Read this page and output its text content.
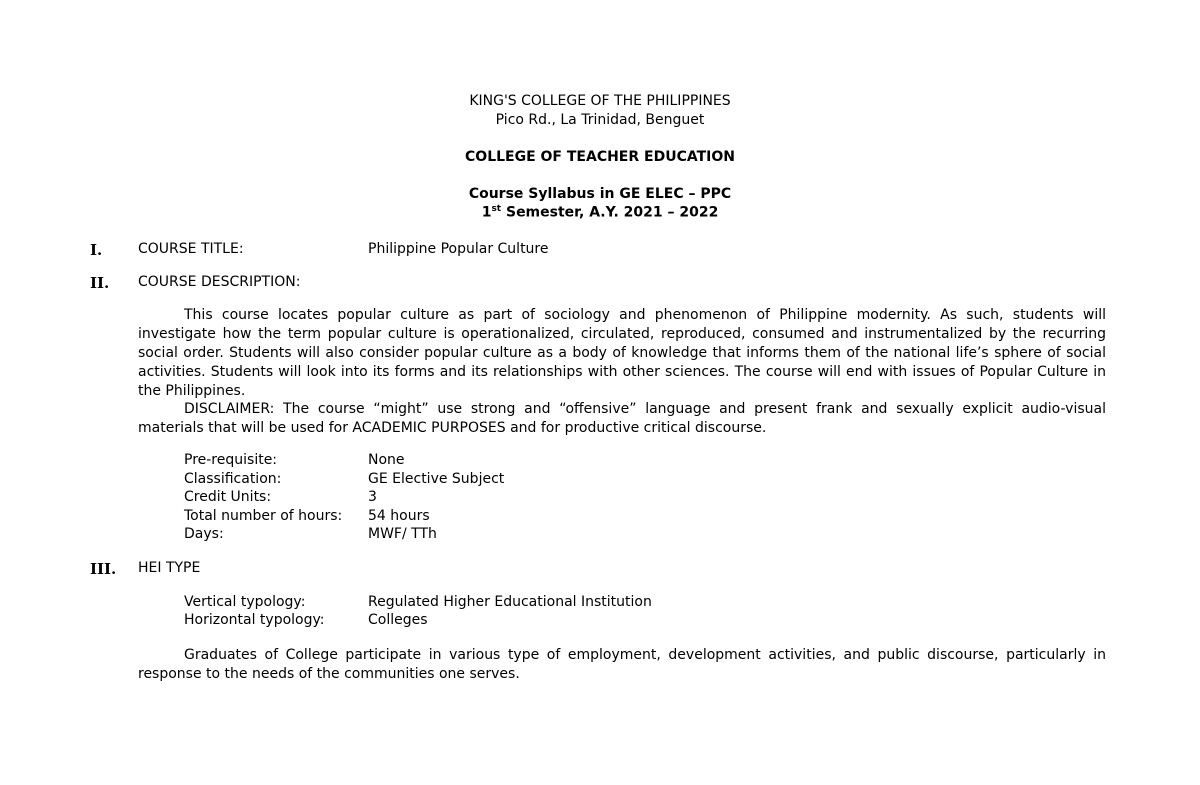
KING'S COLLEGE OF THE PHILIPPINES
Pico Rd., La Trinidad, Benguet
COLLEGE OF TEACHER EDUCATION
Course Syllabus in GE ELEC – PPC
1st Semester, A.Y. 2021 – 2022
I.	COURSE TITLE:	Philippine Popular Culture
II. COURSE DESCRIPTION:
This course locates popular culture as part of sociology and phenomenon of Philippine modernity. As such, students will investigate how the term popular culture is operationalized, circulated, reproduced, consumed and instrumentalized by the recurring social order. Students will also consider popular culture as a body of knowledge that informs them of the national life’s sphere of social activities. Students will look into its forms and its relationships with other sciences. The course will end with issues of Popular Culture in the Philippines.
DISCLAIMER: The course “might” use strong and “offensive” language and present frank and sexually explicit audio-visual materials that will be used for ACADEMIC PURPOSES and for productive critical discourse.
Pre-requisite:	None
Classification:	GE Elective Subject
Credit Units:	3
Total number of hours: 54 hours
Days:	MWF/ TTh
III. HEI TYPE
Vertical typology:	Regulated Higher Educational Institution
Horizontal typology:	Colleges
Graduates of College participate in various type of employment, development activities, and public discourse, particularly in response to the needs of the communities one serves.
